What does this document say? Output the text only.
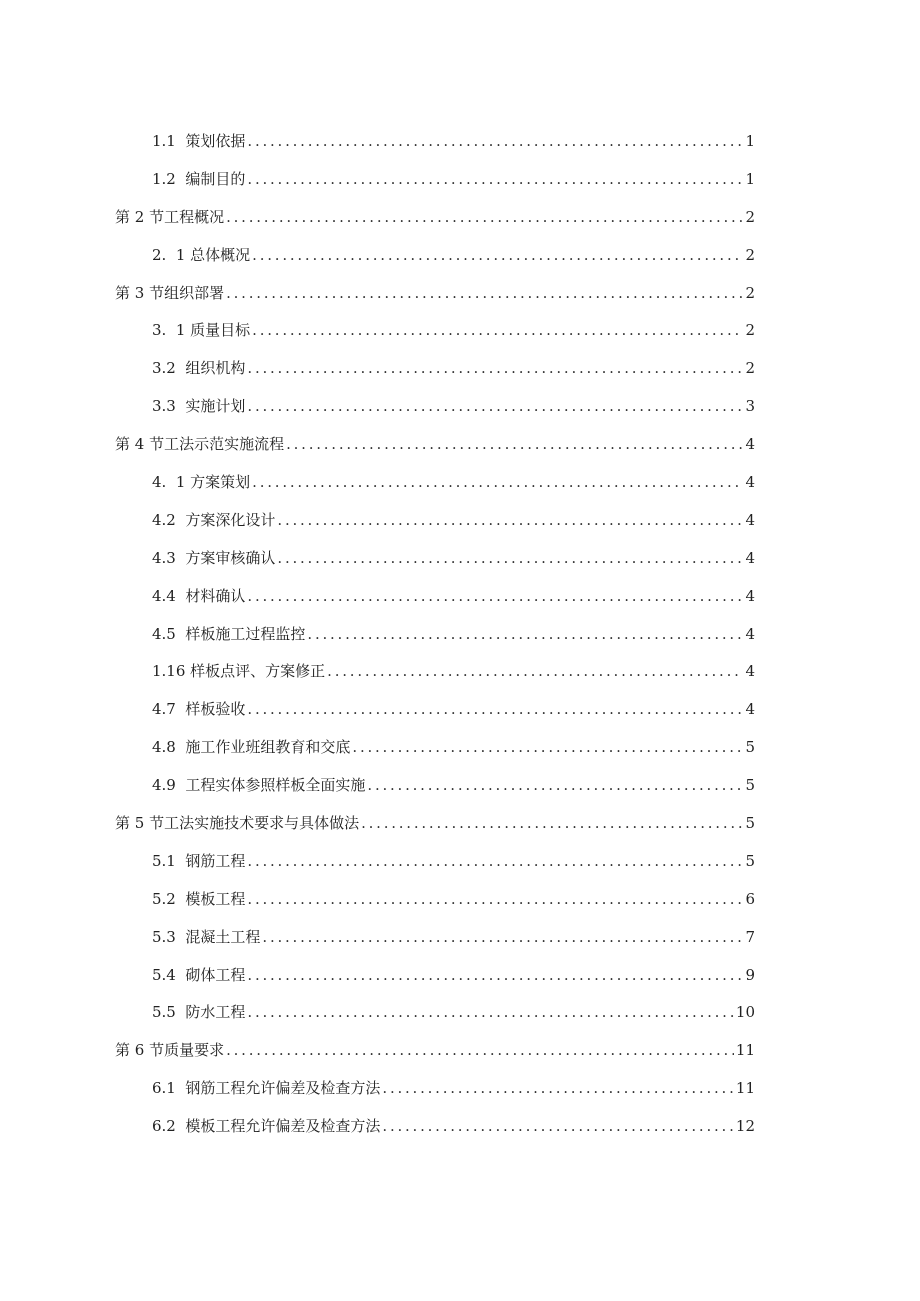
1.1  策划依据 . . .	1
1.2  编制目的 . . .	1
第 2 节工程概况 . . .	2
2.  1 总体概况 . . .	2
第 3 节组织部署 . . .	2
3.  1 质量目标 . . .	2
3.2  组织机构 . . .	2
3.3  实施计划 . . .	3
第 4 节工法示范实施流程 . . .	4
4.  1 方案策划 . . .	4
4.2  方案深化设计 . . .	4
4.3  方案审核确认 . . .	4
4.4  材料确认 . . .	4
4.5  样板施工过程监控 . . .	4
1.16 样板点评、方案修正 . . .	4
4.7  样板验收 . . .	4
4.8  施工作业班组教育和交底 . . .	5
4.9  工程实体参照样板全面实施 . . .	5
第 5 节工法实施技术要求与具体做法 . . .	5
5.1  钢筋工程 . . .	5
5.2  模板工程 . . .	6
5.3  混凝土工程 . . .	7
5.4  砌体工程 . . .	9
5.5  防水工程 . . .	10
第 6 节质量要求 . . .	11
6.1  钢筋工程允许偏差及检查方法 . . .	11
6.2  模板工程允许偏差及检查方法 . . .	12
